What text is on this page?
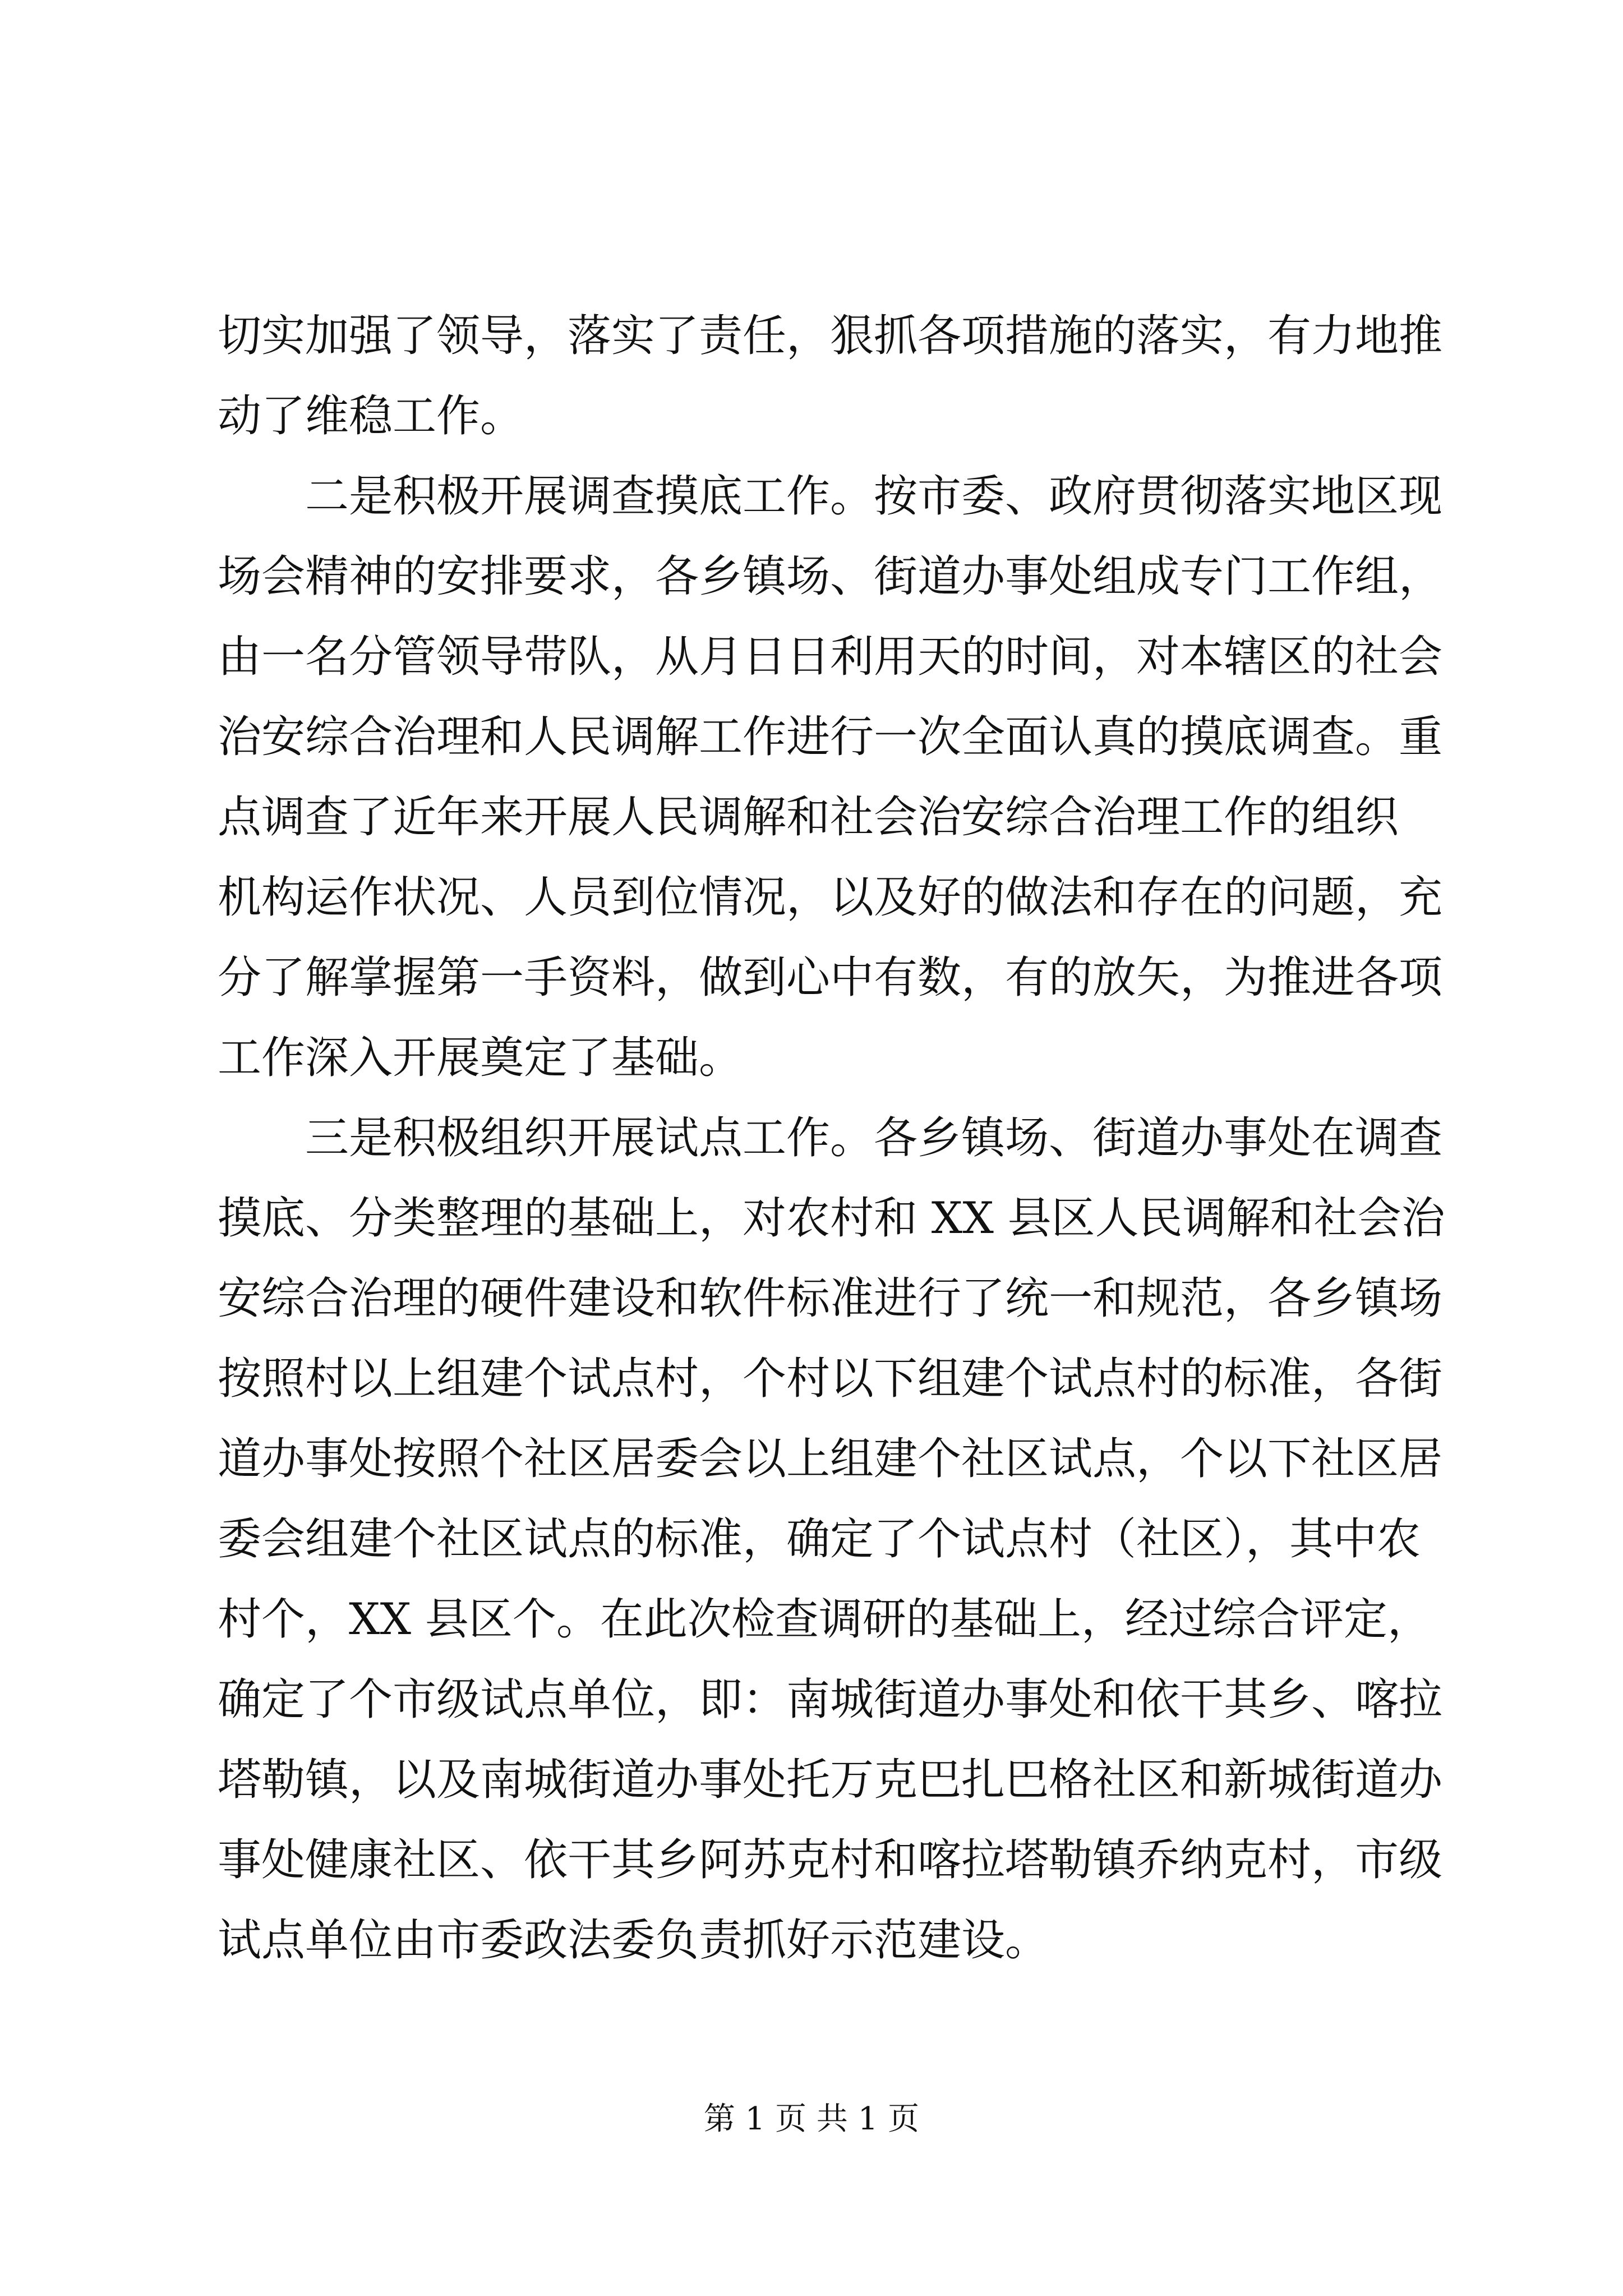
切实加强了领导，落实了责任，狠抓各项措施的落实，有力地推
动了维稳工作。
　　二是积极开展调查摸底工作。按市委、政府贯彻落实地区现
场会精神的安排要求，各乡镇场、街道办事处组成专门工作组，
由一名分管领导带队，从月日日利用天的时间，对本辖区的社会
治安综合治理和人民调解工作进行一次全面认真的摸底调查。重
点调查了近年来开展人民调解和社会治安综合治理工作的组织
机构运作状况、人员到位情况，以及好的做法和存在的问题，充
分了解掌握第一手资料，做到心中有数，有的放矢，为推进各项
工作深入开展奠定了基础。
　　三是积极组织开展试点工作。各乡镇场、街道办事处在调查
摸底、分类整理的基础上，对农村和 XX 县区人民调解和社会治
安综合治理的硬件建设和软件标准进行了统一和规范，各乡镇场
按照村以上组建个试点村，个村以下组建个试点村的标准，各街
道办事处按照个社区居委会以上组建个社区试点，个以下社区居
委会组建个社区试点的标准，确定了个试点村（社区），其中农
村个，XX 县区个。在此次检查调研的基础上，经过综合评定，
确定了个市级试点单位，即：南城街道办事处和依干其乡、喀拉
塔勒镇，以及南城街道办事处托万克巴扎巴格社区和新城街道办
事处健康社区、依干其乡阿苏克村和喀拉塔勒镇乔纳克村，市级
试点单位由市委政法委负责抓好示范建设。
第 1 页 共 1 页
